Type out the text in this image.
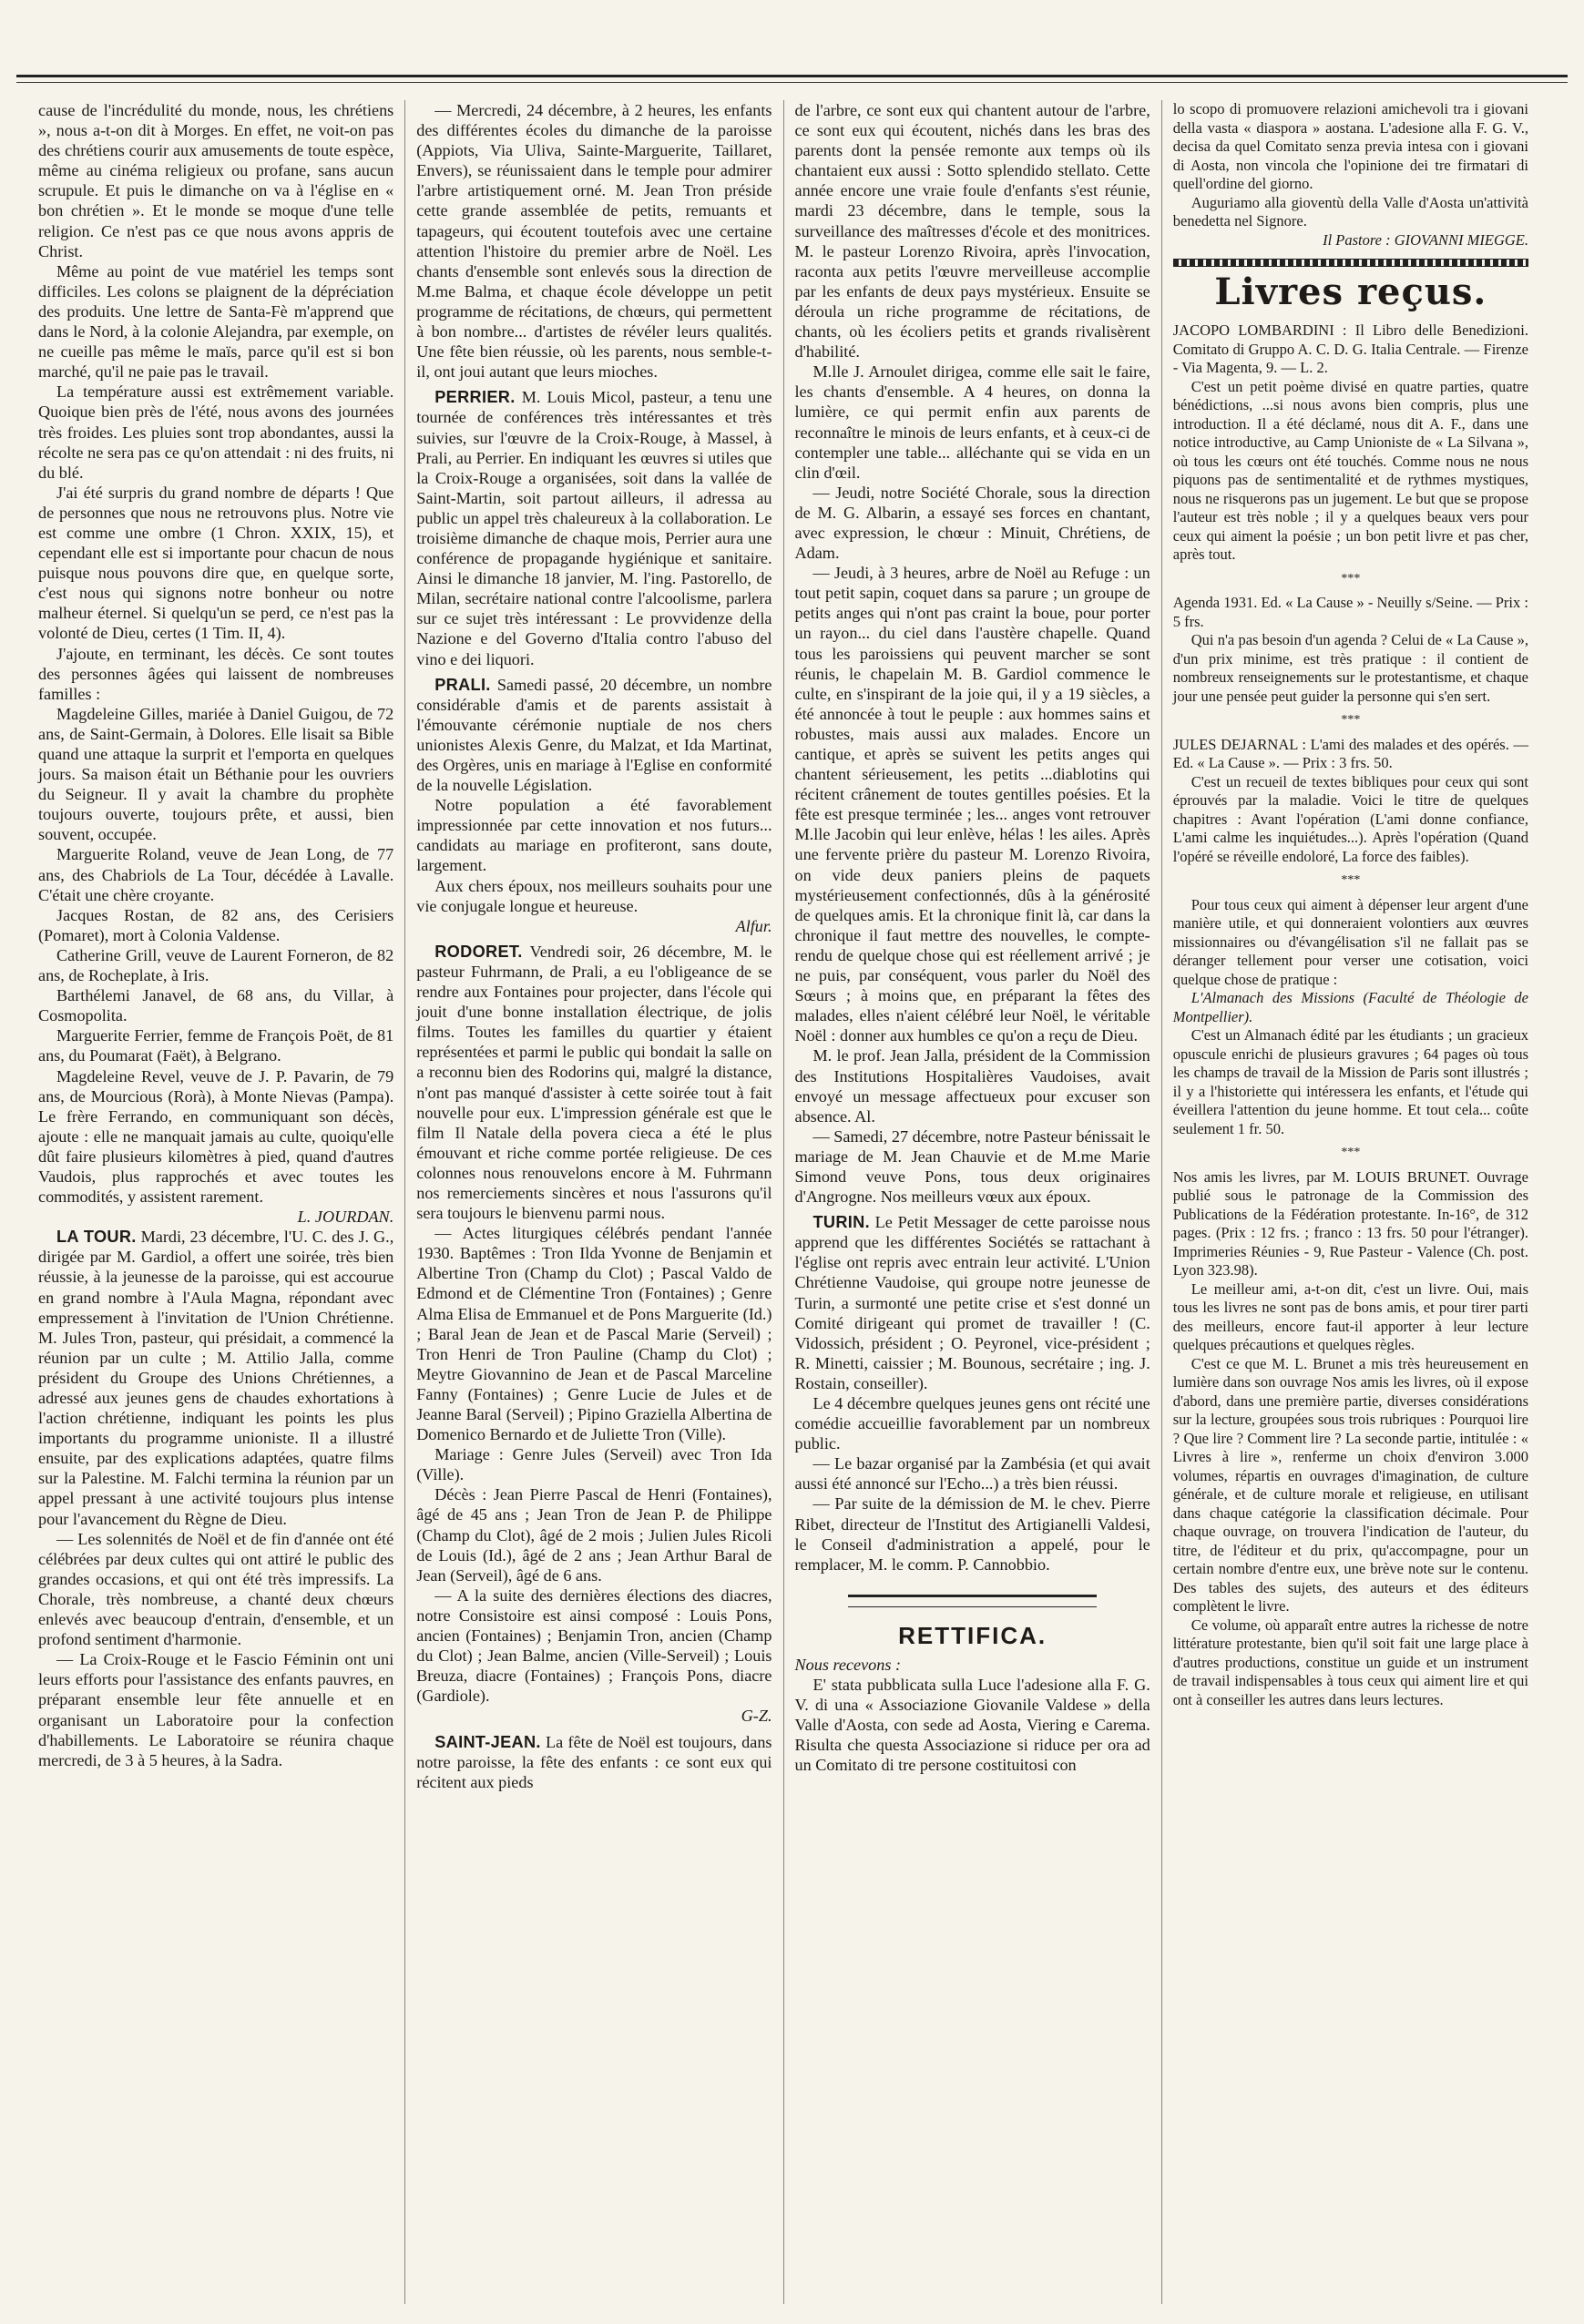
cause de l'incrédulité du monde, nous, les chrétiens », nous a-t-on dit à Morges. En effet, ne voit-on pas des chrétiens courir aux amusements de toute espèce, même au cinéma religieux ou profane, sans aucun scrupule. Et puis le dimanche on va à l'église en « bon chrétien ». Et le monde se moque d'une telle religion. Ce n'est pas ce que nous avons appris de Christ.

Même au point de vue matériel les temps sont difficiles. Les colons se plaignent de la dépréciation des produits. Une lettre de Santa-Fè m'apprend que dans le Nord, à la colonie Alejandra, par exemple, on ne cueille pas même le maïs, parce qu'il est si bon marché, qu'il ne paie pas le travail.

La température aussi est extrêmement variable. Quoique bien près de l'été, nous avons des journées très froides. Les pluies sont trop abondantes, aussi la récolte ne sera pas ce qu'on attendait : ni des fruits, ni du blé.

J'ai été surpris du grand nombre de départs ! Que de personnes que nous ne retrouvons plus. Notre vie est comme une ombre (1 Chron. XXIX, 15), et cependant elle est si importante pour chacun de nous puisque nous pouvons dire que, en quelque sorte, c'est nous qui signons notre bonheur ou notre malheur éternel. Si quelqu'un se perd, ce n'est pas la volonté de Dieu, certes (1 Tim. II, 4).

J'ajoute, en terminant, les décès. Ce sont toutes des personnes âgées qui laissent de nombreuses familles :

Magdeleine Gilles, mariée à Daniel Guigou, de 72 ans, de Saint-Germain, à Dolores. Elle lisait sa Bible quand une attaque la surprit et l'emporta en quelques jours. Sa maison était un Béthanie pour les ouvriers du Seigneur. Il y avait la chambre du prophète toujours ouverte, toujours prête, et aussi, bien souvent, occupée.

Marguerite Roland, veuve de Jean Long, de 77 ans, des Chabriols de La Tour, décédée à Lavalle. C'était une chère croyante.

Jacques Rostan, de 82 ans, des Cerisiers (Pomaret), mort à Colonia Valdense.

Catherine Grill, veuve de Laurent Forneron, de 82 ans, de Rocheplate, à Iris.

Barthélemi Janavel, de 68 ans, du Villar, à Cosmopolita.

Marguerite Ferrier, femme de François Poët, de 81 ans, du Poumarat (Faët), à Belgrano.

Magdeleine Revel, veuve de J. P. Pavarin, de 79 ans, de Mourcious (Rorà), à Monte Nievas (Pampa). Le frère Ferrando, en communiquant son décès, ajoute : elle ne manquait jamais au culte, quoiqu'elle dût faire plusieurs kilomètres à pied, quand d'autres Vaudois, plus rapprochés et avec toutes les commodités, y assistent rarement.

L. JOURDAN.

LA TOUR. Mardi, 23 décembre, l'U. C. des J. G., dirigée par M. Gardiol, a offert une soirée, très bien réussie, à la jeunesse de la paroisse, qui est accourue en grand nombre à l'Aula Magna, répondant avec empressement à l'invitation de l'Union Chrétienne. M. Jules Tron, pasteur, qui présidait, a commencé la réunion par un culte ; M. Attilio Jalla, comme président du Groupe des Unions Chrétiennes, a adressé aux jeunes gens de chaudes exhortations à l'action chrétienne, indiquant les points les plus importants du programme unioniste. Il a illustré ensuite, par des explications adaptées, quatre films sur la Palestine. M. Falchi termina la réunion par un appel pressant à une activité toujours plus intense pour l'avancement du Règne de Dieu.

— Les solennités de Noël et de fin d'année ont été célébrées par deux cultes qui ont attiré le public des grandes occasions, et qui ont été très impressifs. La Chorale, très nombreuse, a chanté deux chœurs enlevés avec beaucoup d'entrain, d'ensemble, et un profond sentiment d'harmonie.

— La Croix-Rouge et le Fascio Féminin ont uni leurs efforts pour l'assistance des enfants pauvres, en préparant ensemble leur fête annuelle et en organisant un Laboratoire pour la confection d'habillements. Le Laboratoire se réunira chaque mercredi, de 3 à 5 heures, à la Sadra.

— Mercredi, 24 décembre, à 2 heures, les enfants des différentes écoles du dimanche de la paroisse (Appiots, Via Uliva, Sainte-Marguerite, Taillaret, Envers), se réunissaient dans le temple pour admirer l'arbre artistiquement orné. M. Jean Tron préside cette grande assemblée de petits, remuants et tapageurs, qui écoutent toutefois avec une certaine attention l'histoire du premier arbre de Noël. Les chants d'ensemble sont enlevés sous la direction de M.me Balma, et chaque école développe un petit programme de récitations, de chœurs, qui permettent à bon nombre... d'artistes de révéler leurs qualités. Une fête bien réussie, où les parents, nous semble-t-il, ont joui autant que leurs mioches.

PERRIER. M. Louis Micol, pasteur, a tenu une tournée de conférences très intéressantes et très suivies, sur l'œuvre de la Croix-Rouge, à Massel, à Prali, au Perrier. En indiquant les œuvres si utiles que la Croix-Rouge a organisées, soit dans la vallée de Saint-Martin, soit partout ailleurs, il adressa au public un appel très chaleureux à la collaboration. Le troisième dimanche de chaque mois, Perrier aura une conférence de propagande hygiénique et sanitaire. Ainsi le dimanche 18 janvier, M. l'ing. Pastorello, de Milan, secrétaire national contre l'alcoolisme, parlera sur ce sujet très intéressant : Le provvidenze della Nazione e del Governo d'Italia contro l'abuso del vino e dei liquori.

PRALI. Samedi passé, 20 décembre, un nombre considérable d'amis et de parents assistait à l'émouvante cérémonie nuptiale de nos chers unionistes Alexis Genre, du Malzat, et Ida Martinat, des Orgères, unis en mariage à l'Eglise en conformité de la nouvelle Législation.

Notre population a été favorablement impressionnée par cette innovation et nos futurs... candidats au mariage en profiteront, sans doute, largement.

Aux chers époux, nos meilleurs souhaits pour une vie conjugale longue et heureuse.

Alfur.

RODORET. Vendredi soir, 26 décembre, M. le pasteur Fuhrmann, de Prali, a eu l'obligeance de se rendre aux Fontaines pour projecter, dans l'école qui jouit d'une bonne installation électrique, de jolis films. Toutes les familles du quartier y étaient représentées et parmi le public qui bondait la salle on a reconnu bien des Rodorins qui, malgré la distance, n'ont pas manqué d'assister à cette soirée tout à fait nouvelle pour eux. L'impression générale est que le film Il Natale della povera cieca a été le plus émouvant et riche comme portée religieuse. De ces colonnes nous renouvelons encore à M. Fuhrmann nos remerciements sincères et nous l'assurons qu'il sera toujours le bienvenu parmi nous.

— Actes liturgiques célébrés pendant l'année 1930. Baptêmes : Tron Ilda Yvonne de Benjamin et Albertine Tron (Champ du Clot) ; Pascal Valdo de Edmond et de Clémentine Tron (Fontaines) ; Genre Alma Elisa de Emmanuel et de Pons Marguerite (Id.) ; Baral Jean de Jean et de Pascal Marie (Serveil) ; Tron Henri de Tron Pauline (Champ du Clot) ; Meytre Giovannino de Jean et de Pascal Marceline Fanny (Fontaines) ; Genre Lucie de Jules et de Jeanne Baral (Serveil) ; Pipino Graziella Albertina de Domenico Bernardo et de Juliette Tron (Ville).

Mariage : Genre Jules (Serveil) avec Tron Ida (Ville).

Décès : Jean Pierre Pascal de Henri (Fontaines), âgé de 45 ans ; Jean Tron de Jean P. de Philippe (Champ du Clot), âgé de 2 mois ; Julien Jules Ricoli de Louis (Id.), âgé de 2 ans ; Jean Arthur Baral de Jean (Serveil), âgé de 6 ans.

— A la suite des dernières élections des diacres, notre Consistoire est ainsi composé : Louis Pons, ancien (Fontaines) ; Benjamin Tron, ancien (Champ du Clot) ; Jean Balme, ancien (Ville-Serveil) ; Louis Breuza, diacre (Fontaines) ; François Pons, diacre (Gardiole).

G-Z.

SAINT-JEAN. La fête de Noël est toujours, dans notre paroisse, la fête des enfants : ce sont eux qui récitent aux pieds

de l'arbre, ce sont eux qui chantent autour de l'arbre, ce sont eux qui écoutent, nichés dans les bras des parents dont la pensée remonte aux temps où ils chantaient eux aussi : Sotto splendido stellato. Cette année encore une vraie foule d'enfants s'est réunie, mardi 23 décembre, dans le temple, sous la surveillance des maîtresses d'école et des monitrices. M. le pasteur Lorenzo Rivoira, après l'invocation, raconta aux petits l'œuvre merveilleuse accomplie par les enfants de deux pays mystérieux. Ensuite se déroula un riche programme de récitations, de chants, où les écoliers petits et grands rivalisèrent d'habilité.

M.lle J. Arnoulet dirigea, comme elle sait le faire, les chants d'ensemble. A 4 heures, on donna la lumière, ce qui permit enfin aux parents de reconnaître le minois de leurs enfants, et à ceux-ci de contempler une table... alléchante qui se vida en un clin d'œil.

— Jeudi, notre Société Chorale, sous la direction de M. G. Albarin, a essayé ses forces en chantant, avec expression, le chœur : Minuit, Chrétiens, de Adam.

— Jeudi, à 3 heures, arbre de Noël au Refuge : un tout petit sapin, coquet dans sa parure ; un groupe de petits anges qui n'ont pas craint la boue, pour porter un rayon... du ciel dans l'austère chapelle. Quand tous les paroissiens qui peuvent marcher se sont réunis, le chapelain M. B. Gardiol commence le culte, en s'inspirant de la joie qui, il y a 19 siècles, a été annoncée à tout le peuple : aux hommes sains et robustes, mais aussi aux malades. Encore un cantique, et après se suivent les petits anges qui chantent sérieusement, les petits ...diablotins qui récitent crânement de toutes gentilles poésies. Et la fête est presque terminée ; les... anges vont retrouver M.lle Jacobin qui leur enlève, hélas ! les ailes. Après une fervente prière du pasteur M. Lorenzo Rivoira, on vide deux paniers pleins de paquets mystérieusement confectionnés, dûs à la générosité de quelques amis. Et la chronique finit là, car dans la chronique il faut mettre des nouvelles, le compte-rendu de quelque chose qui est réellement arrivé ; je ne puis, par conséquent, vous parler du Noël des Sœurs ; à moins que, en préparant la fêtes des malades, elles n'aient célébré leur Noël, le véritable Noël : donner aux humbles ce qu'on a reçu de Dieu.

M. le prof. Jean Jalla, président de la Commission des Institutions Hospitalières Vaudoises, avait envoyé un message affectueux pour excuser son absence. Al.

— Samedi, 27 décembre, notre Pasteur bénissait le mariage de M. Jean Chauvie et de M.me Marie Simond veuve Pons, tous deux originaires d'Angrogne. Nos meilleurs vœux aux époux.

TURIN. Le Petit Messager de cette paroisse nous apprend que les différentes Sociétés se rattachant à l'église ont repris avec entrain leur activité. L'Union Chrétienne Vaudoise, qui groupe notre jeunesse de Turin, a surmonté une petite crise et s'est donné un Comité dirigeant qui promet de travailler ! (C. Vidossich, président ; O. Peyronel, vice-président ; R. Minetti, caissier ; M. Bounous, secrétaire ; ing. J. Rostain, conseiller).

Le 4 décembre quelques jeunes gens ont récité une comédie accueillie favorablement par un nombreux public.

— Le bazar organisé par la Zambésia (et qui avait aussi été annoncé sur l'Echo...) a très bien réussi.

— Par suite de la démission de M. le chev. Pierre Ribet, directeur de l'Institut des Artigianelli Valdesi, le Conseil d'administration a appelé, pour le remplacer, M. le comm. P. Cannobbio.

RETTIFICA.

Nous recevons :

E' stata pubblicata sulla Luce l'adesione alla F. G. V. di una « Associazione Giovanile Valdese » della Valle d'Aosta, con sede ad Aosta, Viering e Carema. Risulta che questa Associazione si riduce per ora ad un Comitato di tre persone costituitosi con

lo scopo di promuovere relazioni amichevoli tra i giovani della vasta « diaspora » aostana. L'adesione alla F. G. V., decisa da quel Comitato senza previa intesa con i giovani di Aosta, non vincola che l'opinione dei tre firmatari di quell'ordine del giorno.

Auguriamo alla gioventù della Valle d'Aosta un'attività benedetta nel Signore.

Il Pastore : GIOVANNI MIEGGE.

Livres reçus.

JACOPO LOMBARDINI : Il Libro delle Benedizioni. Comitato di Gruppo A. C. D. G. Italia Centrale. — Firenze - Via Magenta, 9. — L. 2.

C'est un petit poème divisé en quatre parties, quatre bénédictions, ...si nous avons bien compris, plus une introduction. Il a été déclamé, nous dit A. F., dans une notice introductive, au Camp Unioniste de « La Silvana », où tous les cœurs ont été touchés. Comme nous ne nous piquons pas de sentimentalité et de rythmes mystiques, nous ne risquerons pas un jugement. Le but que se propose l'auteur est très noble ; il y a quelques beaux vers pour ceux qui aiment la poésie ; un bon petit livre et pas cher, après tout.

***

Agenda 1931. Ed. « La Cause » - Neuilly s/Seine. — Prix : 5 frs.

Qui n'a pas besoin d'un agenda ? Celui de « La Cause », d'un prix minime, est très pratique : il contient de nombreux renseignements sur le protestantisme, et chaque jour une pensée peut guider la personne qui s'en sert.

***

JULES DEJARNAL : L'ami des malades et des opérés. — Ed. « La Cause ». — Prix : 3 frs. 50.

C'est un recueil de textes bibliques pour ceux qui sont éprouvés par la maladie. Voici le titre de quelques chapitres : Avant l'opération (L'ami donne confiance, L'ami calme les inquiétudes...). Après l'opération (Quand l'opéré se réveille endoloré, La force des faibles).

***

Pour tous ceux qui aiment à dépenser leur argent d'une manière utile, et qui donneraient volontiers aux œuvres missionnaires ou d'évangélisation s'il ne fallait pas se déranger tellement pour verser une cotisation, voici quelque chose de pratique :

L'Almanach des Missions (Faculté de Théologie de Montpellier).

C'est un Almanach édité par les étudiants ; un gracieux opuscule enrichi de plusieurs gravures ; 64 pages où tous les champs de travail de la Mission de Paris sont illustrés ; il y a l'historiette qui intéressera les enfants, et l'étude qui éveillera l'attention du jeune homme. Et tout cela... coûte seulement 1 fr. 50.

***

Nos amis les livres, par M. LOUIS BRUNET. Ouvrage publié sous le patronage de la Commission des Publications de la Fédération protestante. In-16°, de 312 pages. (Prix : 12 frs. ; franco : 13 frs. 50 pour l'étranger). Imprimeries Réunies - 9, Rue Pasteur - Valence (Ch. post. Lyon 323.98).

Le meilleur ami, a-t-on dit, c'est un livre. Oui, mais tous les livres ne sont pas de bons amis, et pour tirer parti des meilleurs, encore faut-il apporter à leur lecture quelques précautions et quelques règles.

C'est ce que M. L. Brunet a mis très heureusement en lumière dans son ouvrage Nos amis les livres, où il expose d'abord, dans une première partie, diverses considérations sur la lecture, groupées sous trois rubriques : Pourquoi lire ? Que lire ? Comment lire ? La seconde partie, intitulée : « Livres à lire », renferme un choix d'environ 3.000 volumes, répartis en ouvrages d'imagination, de culture générale, et de culture morale et religieuse, en utilisant dans chaque catégorie la classification décimale. Pour chaque ouvrage, on trouvera l'indication de l'auteur, du titre, de l'éditeur et du prix, qu'accompagne, pour un certain nombre d'entre eux, une brève note sur le contenu. Des tables des sujets, des auteurs et des éditeurs complètent le livre.

Ce volume, où apparaît entre autres la richesse de notre littérature protestante, bien qu'il soit fait une large place à d'autres productions, constitue un guide et un instrument de travail indispensables à tous ceux qui aiment lire et qui ont à conseiller les autres dans leurs lectures.
